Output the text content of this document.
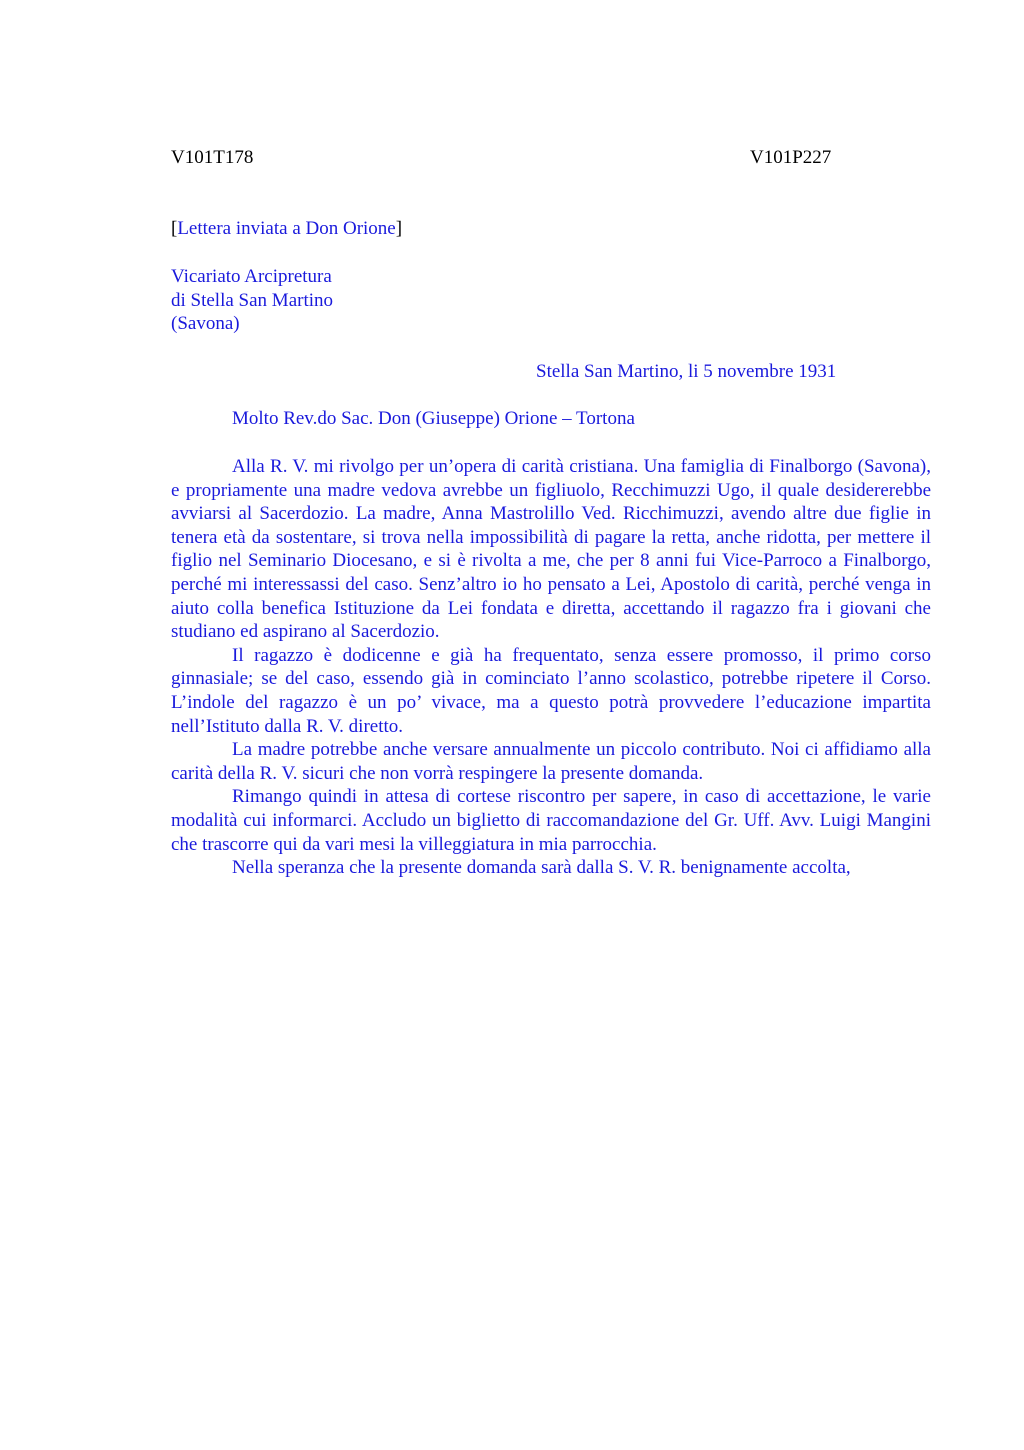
V101T178	V101P227
[Lettera inviata a Don Orione]
Vicariato Arcipretura
di Stella San Martino
(Savona)
Stella San Martino, li 5 novembre 1931
Molto Rev.do Sac. Don (Giuseppe) Orione – Tortona

Alla R. V. mi rivolgo per un’opera di carità cristiana. Una famiglia di Finalborgo (Savona), e propriamente una madre vedova avrebbe un figliuolo, Recchimuzzi Ugo, il quale desidererebbe avviarsi al Sacerdozio. La madre, Anna Mastrolillo Ved. Ricchimuzzi, avendo altre due figlie in tenera età da sostentare, si trova nella impossibilità di pagare la retta, anche ridotta, per mettere il figlio nel Seminario Diocesano, e si è rivolta a me, che per 8 anni fui Vice-Parroco a Finalborgo, perché mi interessassi del caso. Senz’altro io ho pensato a Lei, Apostolo di carità, perché venga in aiuto colla benefica Istituzione da Lei fondata e diretta, accettando il ragazzo fra i giovani che studiano ed aspirano al Sacerdozio.

Il ragazzo è dodicenne e già ha frequentato, senza essere promosso, il primo corso ginnasiale; se del caso, essendo già in cominciato l’anno scolastico, potrebbe ripetere il Corso. L’indole del ragazzo è un po’ vivace, ma a questo potrà provvedere l’educazione impartita nell’Istituto dalla R. V. diretto.

La madre potrebbe anche versare annualmente un piccolo contributo. Noi ci affidiamo alla carità della R. V. sicuri che non vorrà respingere la presente domanda.

Rimango quindi in attesa di cortese riscontro per sapere, in caso di accettazione, le varie modalità cui informarci. Accludo un biglietto di raccomandazione del Gr. Uff. Avv. Luigi Mangini che trascorre qui da vari mesi la villeggiatura in mia parrocchia.

Nella speranza che la presente domanda sarà dalla S. V. R. benignamente accolta,
